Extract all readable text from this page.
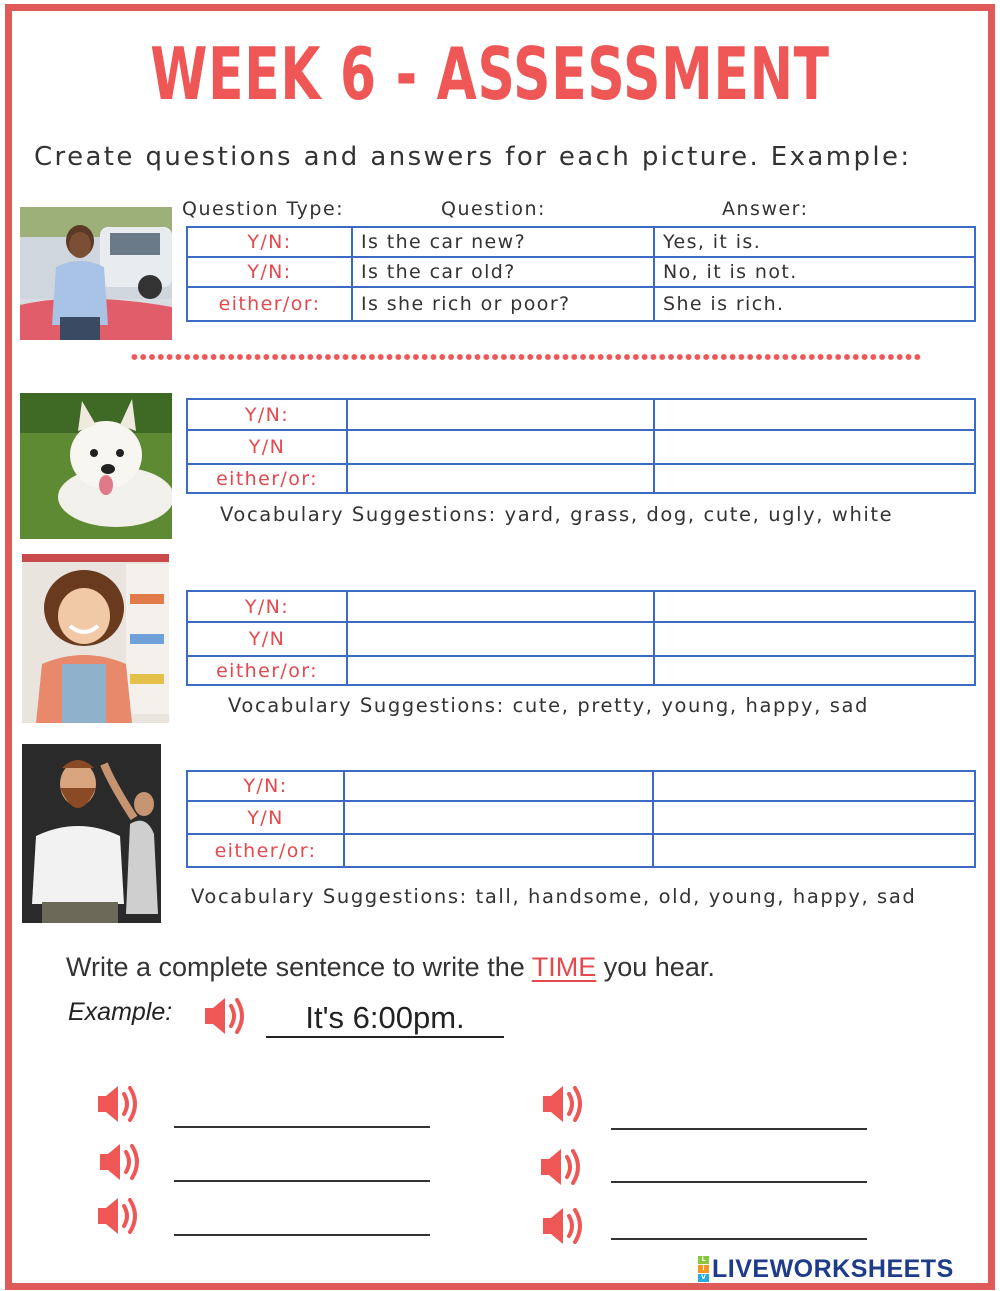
WEEK 6 - ASSESSMENT
Create questions and answers for each picture. Example:
Question Type:	Question:	Answer:
Y/N:	Is the car new?	Yes, it is.
Y/N:	Is the car old?	No, it is not.
either/or:	Is she rich or poor?	She is rich.
Y/N:		
Y/N		
either/or:		
Vocabulary Suggestions: yard, grass, dog, cute, ugly, white
Y/N:		
Y/N		
either/or:		
Vocabulary Suggestions: cute, pretty, young, happy, sad
Y/N:		
Y/N		
either/or:		
Vocabulary Suggestions: tall, handsome, old, young, happy, sad
Write a complete sentence to write the TIME you hear.
Example:	It's 6:00pm.
L
I
V LIVEWORKSHEETS
